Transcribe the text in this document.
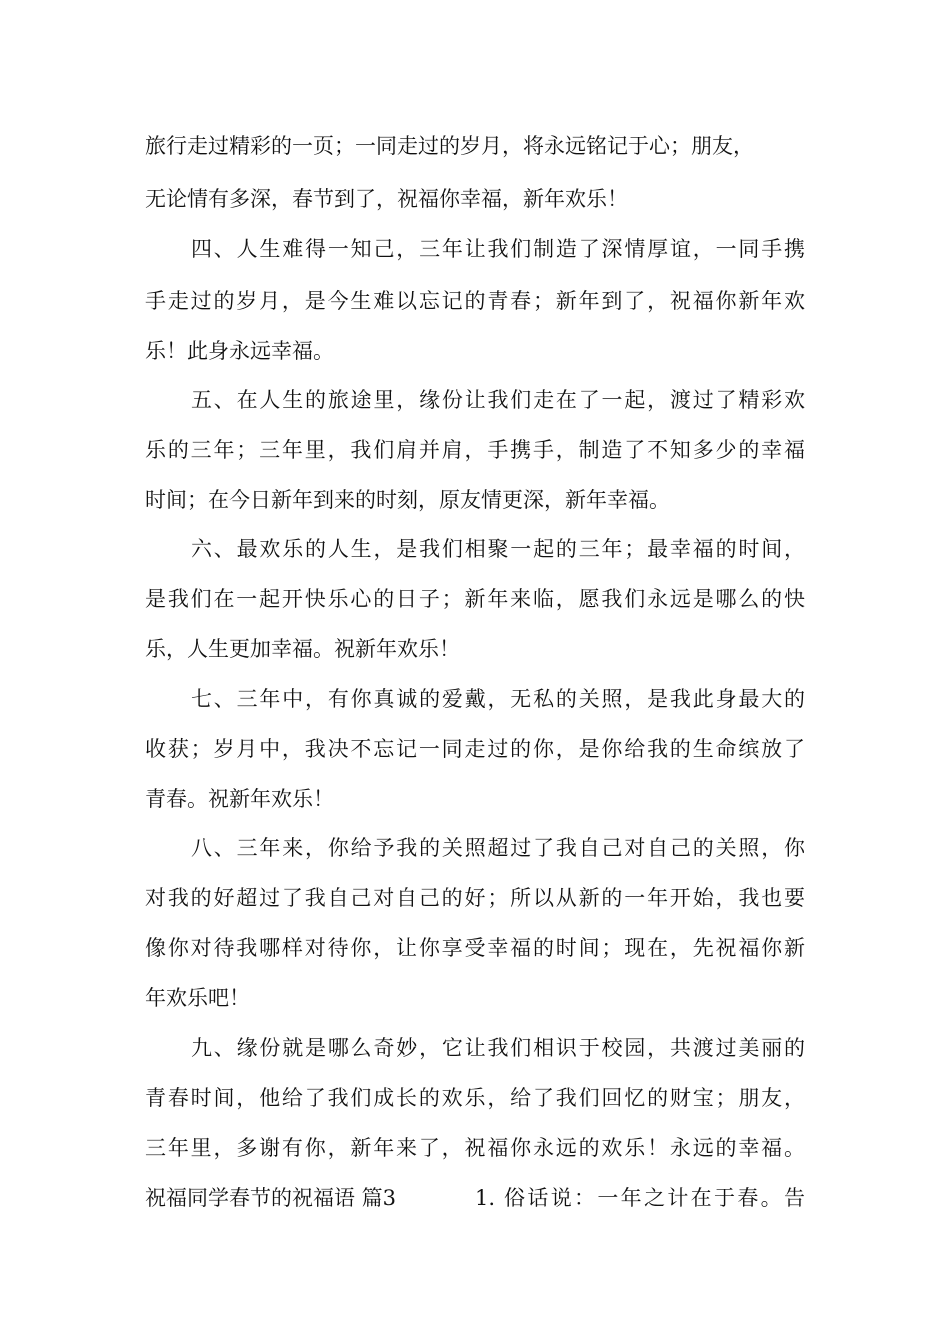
旅行走过精彩的一页；一同走过的岁月，将永远铭记于心；朋友，
无论情有多深，春节到了，祝福你幸福，新年欢乐！
四、人生难得一知己，三年让我们制造了深情厚谊，一同手携
手走过的岁月，是今生难以忘记的青春；新年到了，祝福你新年欢
乐！此身永远幸福。
五、在人生的旅途里，缘份让我们走在了一起，渡过了精彩欢
乐的三年；三年里，我们肩并肩，手携手，制造了不知多少的幸福
时间；在今日新年到来的时刻，原友情更深，新年幸福。
六、最欢乐的人生，是我们相聚一起的三年；最幸福的时间，
是我们在一起开快乐心的日子；新年来临，愿我们永远是哪么的快
乐，人生更加幸福。祝新年欢乐！
七、三年中，有你真诚的爱戴，无私的关照，是我此身最大的
收获；岁月中，我决不忘记一同走过的你，是你给我的生命缤放了
青春。祝新年欢乐！
八、三年来，你给予我的关照超过了我自己对自己的关照，你
对我的好超过了我自己对自己的好；所以从新的一年开始，我也要
像你对待我哪样对待你，让你享受幸福的时间；现在，先祝福你新
年欢乐吧！
九、缘份就是哪么奇妙，它让我们相识于校园，共渡过美丽的
青春时间，他给了我们成长的欢乐，给了我们回忆的财宝；朋友，
三年里，多谢有你，新年来了，祝福你永远的欢乐！永远的幸福。
祝福同学春节的祝福语 篇3	1. 俗话说：一年之计在于春。告
